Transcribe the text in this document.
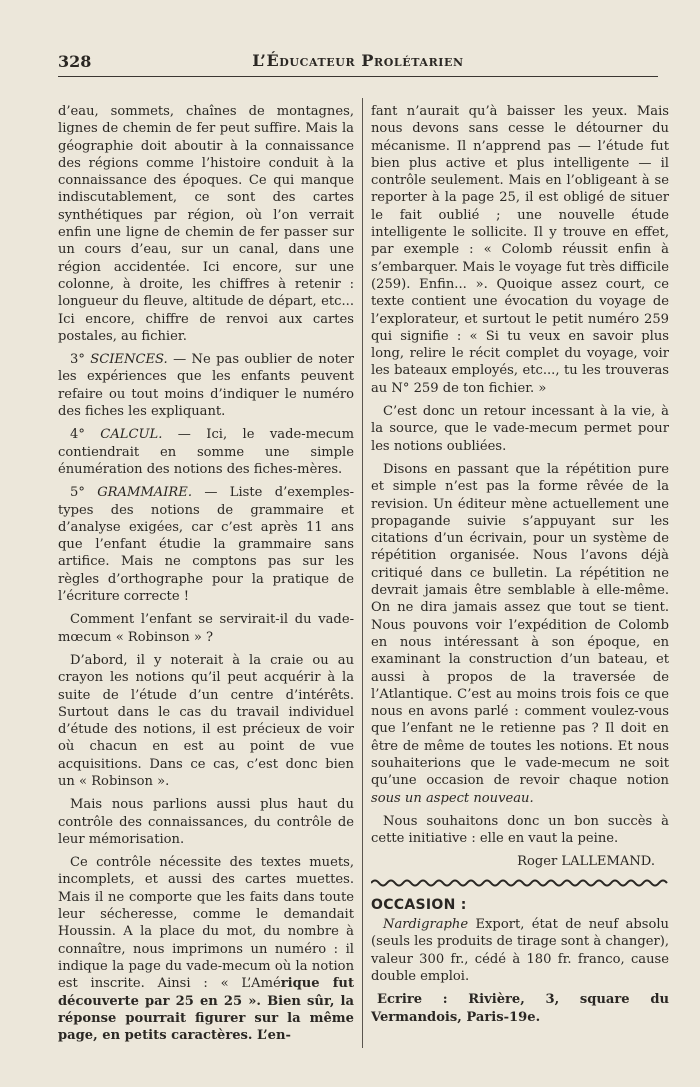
328	L’Éducateur Prolétarien

d’eau, sommets, chaînes de montagnes, lignes de chemin de fer peut suffire. Mais la géographie doit aboutir à la connaissance des régions comme l’histoire conduit à la connaissance des époques. Ce qui manque indiscutablement, ce sont des cartes synthétiques par région, où l’on verrait enfin une ligne de chemin de fer passer sur un cours d’eau, sur un canal, dans une région accidentée. Ici encore, sur une colonne, à droite, les chiffres à retenir : longueur du fleuve, altitude de départ, etc... Ici encore, chiffre de renvoi aux cartes postales, au fichier.

3° SCIENCES. — Ne pas oublier de noter les expériences que les enfants peuvent refaire ou tout moins d’indiquer le numéro des fiches les expliquant.

4° CALCUL. — Ici, le vade-mecum contiendrait en somme une simple énumération des notions des fiches-mères.

5° GRAMMAIRE. — Liste d’exemples-types des notions de grammaire et d’analyse exigées, car c’est après 11 ans que l’enfant étudie la grammaire sans artifice. Mais ne comptons pas sur les règles d’orthographe pour la pratique de l’écriture correcte !

Comment l’enfant se servirait-il du vade-mœcum « Robinson » ?

D’abord, il y noterait à la craie ou au crayon les notions qu’il peut acquérir à la suite de l’étude d’un centre d’intérêts. Surtout dans le cas du travail individuel d’étude des notions, il est précieux de voir où chacun en est au point de vue acquisitions. Dans ce cas, c’est donc bien un « Robinson ».

Mais nous parlions aussi plus haut du contrôle des connaissances, du contrôle de leur mémorisation.

Ce contrôle nécessite des textes muets, incomplets, et aussi des cartes muettes. Mais il ne comporte que les faits dans toute leur sécheresse, comme le demandait Houssin. A la place du mot, du nombre à connaître, nous imprimons un numéro : il indique la page du vade-mecum où la notion est inscrite. Ainsi : « L’Amérique fut découverte par 25 en 25 ». Bien sûr, la réponse pourrait figurer sur la même page, en petits caractères. L’en-

fant n’aurait qu’à baisser les yeux. Mais nous devons sans cesse le détourner du mécanisme. Il n’apprend pas — l’étude fut bien plus active et plus intelligente — il contrôle seulement. Mais en l’obligeant à se reporter à la page 25, il est obligé de situer le fait oublié ; une nouvelle étude intelligente le sollicite. Il y trouve en effet, par exemple : « Colomb réussit enfin à s’embarquer. Mais le voyage fut très difficile (259). Enfin... ». Quoique assez court, ce texte contient une évocation du voyage de l’explorateur, et surtout le petit numéro 259 qui signifie : « Si tu veux en savoir plus long, relire le récit complet du voyage, voir les bateaux employés, etc..., tu les trouveras au N° 259 de ton fichier. »

C’est donc un retour incessant à la vie, à la source, que le vade-mecum permet pour les notions oubliées.

Disons en passant que la répétition pure et simple n’est pas la forme rêvée de la revision. Un éditeur mène actuellement une propagande suivie s’appuyant sur les citations d’un écrivain, pour un système de répétition organisée. Nous l’avons déjà critiqué dans ce bulletin. La répétition ne devrait jamais être semblable à elle-même. On ne dira jamais assez que tout se tient. Nous pouvons voir l’expédition de Colomb en nous intéressant à son époque, en examinant la construction d’un bateau, et aussi à propos de la traversée de l’Atlantique. C’est au moins trois fois ce que nous en avons parlé : comment voulez-vous que l’enfant ne le retienne pas ? Il doit en être de même de toutes les notions. Et nous souhaiterions que le vade-mecum ne soit qu’une occasion de revoir chaque notion sous un aspect nouveau.

Nous souhaitons donc un bon succès à cette initiative : elle en vaut la peine.

Roger LALLEMAND.

OCCASION :

Nardigraphe Export, état de neuf absolu (seuls les produits de tirage sont à changer), valeur 300 fr., cédé à 180 fr. franco, cause double emploi.

Ecrire : Rivière, 3, square du Vermandois, Paris-19e.
